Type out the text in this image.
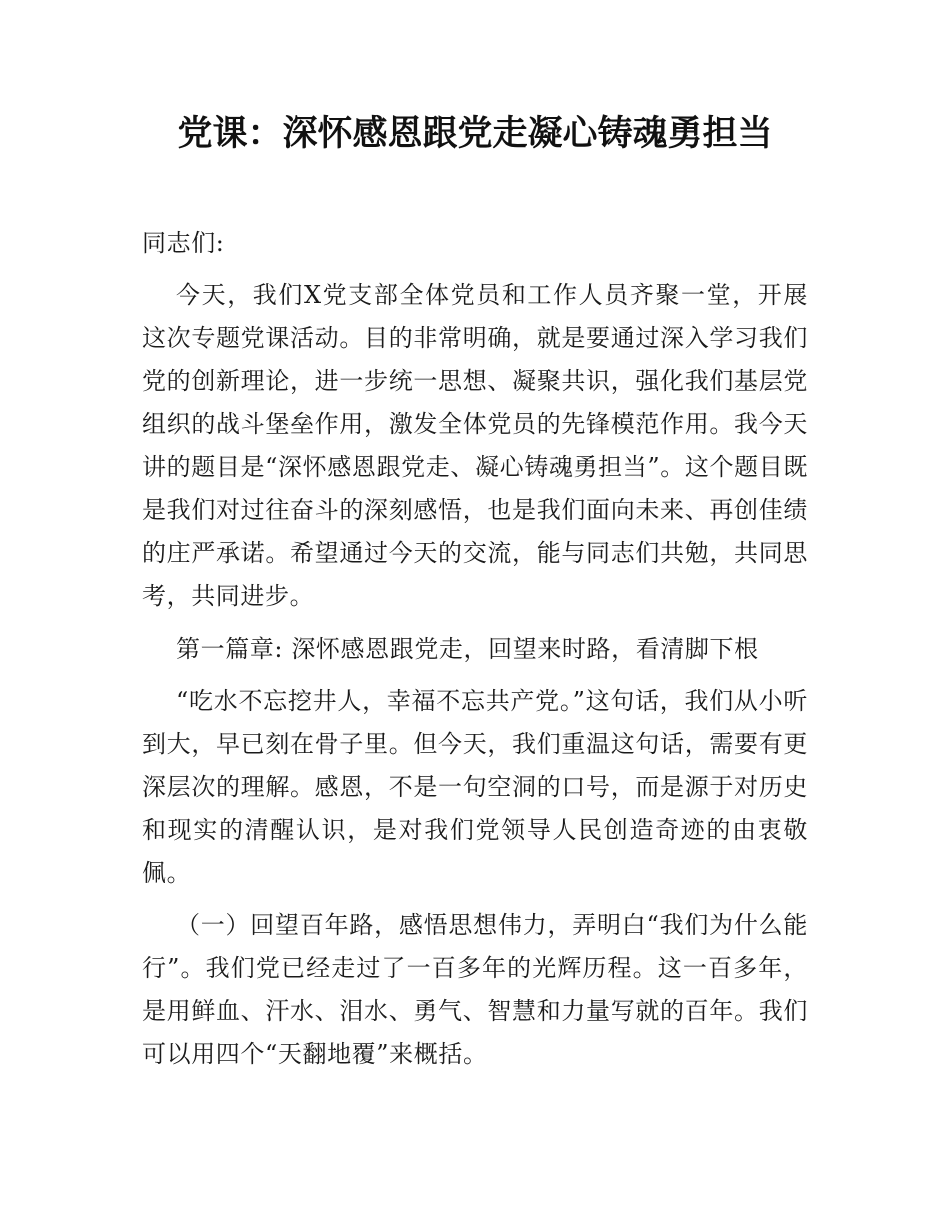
党课：深怀感恩跟党走凝心铸魂勇担当

同志们:

今天，我们X党支部全体党员和工作人员齐聚一堂，开展这次专题党课活动。目的非常明确，就是要通过深入学习我们党的创新理论，进一步统一思想、凝聚共识，强化我们基层党组织的战斗堡垒作用，激发全体党员的先锋模范作用。我今天讲的题目是“深怀感恩跟党走、凝心铸魂勇担当”。这个题目既是我们对过往奋斗的深刻感悟，也是我们面向未来、再创佳绩的庄严承诺。希望通过今天的交流，能与同志们共勉，共同思考，共同进步。

第一篇章: 深怀感恩跟党走，回望来时路，看清脚下根

“吃水不忘挖井人，幸福不忘共产党。”这句话，我们从小听到大，早已刻在骨子里。但今天，我们重温这句话，需要有更深层次的理解。感恩，不是一句空洞的口号，而是源于对历史和现实的清醒认识，是对我们党领导人民创造奇迹的由衷敬佩。

（一）回望百年路，感悟思想伟力，弄明白“我们为什么能行”。我们党已经走过了一百多年的光辉历程。这一百多年，是用鲜血、汗水、泪水、勇气、智慧和力量写就的百年。我们可以用四个“天翻地覆”来概括。
